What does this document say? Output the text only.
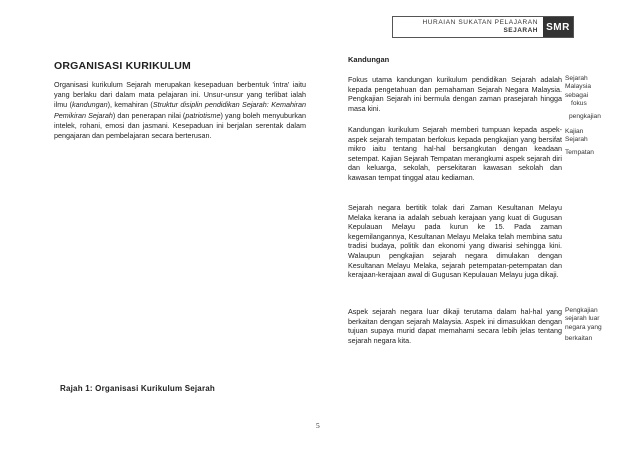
HURAIAN SUKATAN PELAJARAN
SEJARAH SMR
ORGANISASI KURIKULUM
Organisasi kurikulum Sejarah merupakan kesepaduan berbentuk 'intra' iaitu yang berlaku dari dalam mata pelajaran ini. Unsur-unsur yang terlibat ialah ilmu (kandungan), kemahiran (Struktur disiplin pendidikan Sejarah: Kemahiran Pemikiran Sejarah) dan penerapan nilai (patriotisme) yang boleh menyuburkan intelek, rohani, emosi dan jasmani. Kesepaduan ini berjalan serentak dalam pengajaran dan pembelajaran secara berterusan.
Rajah 1: Organisasi Kurikulum Sejarah
Kandungan
Fokus utama kandungan kurikulum pendidikan Sejarah adalah kepada pengetahuan dan pemahaman Sejarah Negara Malaysia. Pengkajian Sejarah ini bermula dengan zaman prasejarah hingga masa kini.
Kandungan kurikulum Sejarah memberi tumpuan kepada aspek-aspek sejarah tempatan berfokus kepada pengkajian yang bersifat mikro iaitu tentang hal-hal bersangkutan dengan keadaan setempat. Kajian Sejarah Tempatan merangkumi aspek sejarah diri dan keluarga, sekolah, persekitaran kawasan sekolah dan kawasan tempat tinggal atau kediaman.
Sejarah negara bertitik tolak dari Zaman Kesultanan Melayu Melaka kerana ia adalah sebuah kerajaan yang kuat di Gugusan Kepulauan Melayu pada kurun ke 15. Pada zaman kegemilangannya, Kesultanan Melayu Melaka telah membina satu tradisi budaya, politik dan ekonomi yang diwarisi sehingga kini. Walaupun pengkajian sejarah negara dimulakan dengan Kesultanan Melayu Melaka, sejarah petempatan-petempatan dan kerajaan-kerajaan awal di Gugusan Kepulauan Melayu juga dikaji.
Aspek sejarah negara luar dikaji terutama dalam hal-hal yang berkaitan dengan sejarah Malaysia. Aspek ini dimasukkan dengan tujuan supaya murid dapat memahami secara lebih jelas tentang sejarah negara kita.
Sejarah
Malaysia
sebagai
fokus
pengkajian
Kajian
Sejarah
Tempatan
Pengkajian
sejarah luar
negara yang
berkaitan
5
